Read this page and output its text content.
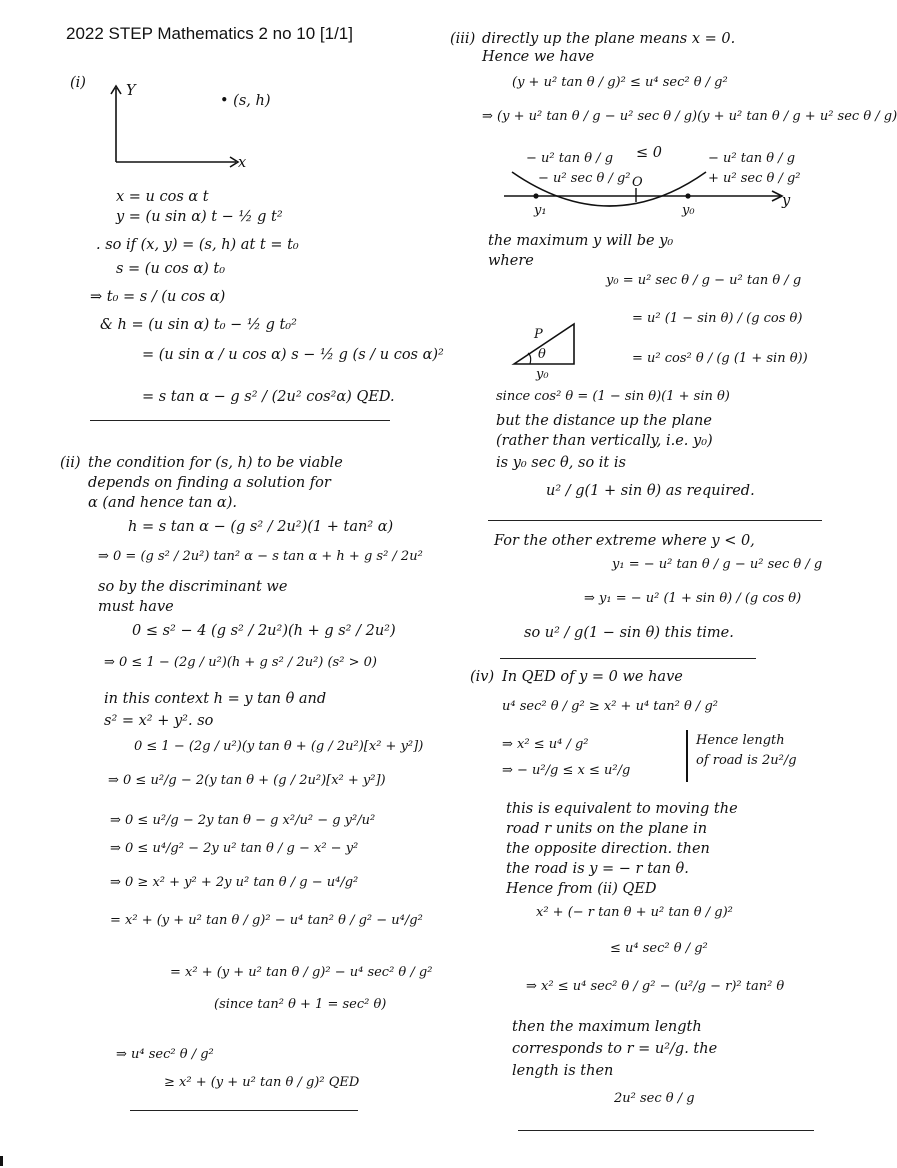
2022 STEP Mathematics 2 no 10 [1/1]
(i)	Y
x
• (s, h)
x = u cos α t
y = (u sin α) t − ½ g t²
. so if (x, y) = (s, h) at t = t₀
s = (u cos α) t₀
⇒ t₀ = s / (u cos α)
& h = (u sin α) t₀ − ½ g t₀²
= (u sin α / u cos α) s − ½ g (s / u cos α)²
= s tan α − g s² / (2u² cos²α) QED.
(ii) the condition for (s, h) to be viable
depends on finding a solution for
α (and hence tan α).
h = s tan α − (g s² / 2u²)(1 + tan² α)
⇒ 0 = (g s² / 2u²) tan² α − s tan α + h + g s² / 2u²
so by the discriminant we
must have
0 ≤ s² − 4 (g s² / 2u²)(h + g s² / 2u²)
⇒ 0 ≤ 1 − (2g / u²)(h + g s² / 2u²) (s² > 0)
in this context h = y tan θ and
s² = x² + y². so
0 ≤ 1 − (2g / u²)(y tan θ + (g / 2u²)[x² + y²])
⇒ 0 ≤ u²/g − 2(y tan θ + (g / 2u²)[x² + y²])
⇒ 0 ≤ u²/g − 2y tan θ − g x²/u² − g y²/u²
⇒ 0 ≤ u⁴/g² − 2y u² tan θ / g − x² − y²
⇒ 0 ≥ x² + y² + 2y u² tan θ / g − u⁴/g²
= x² + (y + u² tan θ / g)² − u⁴ tan² θ / g² − u⁴/g²
= x² + (y + u² tan θ / g)² − u⁴ sec² θ / g²
(since tan² θ + 1 = sec² θ)
⇒ u⁴ sec² θ / g²
≥ x² + (y + u² tan θ / g)² QED
(iii) directly up the plane means x = 0.
Hence we have
(y + u² tan θ / g)² ≤ u⁴ sec² θ / g²
⇒ (y + u² tan θ / g − u² sec θ / g)(y + u² tan θ / g + u² sec θ / g)
≤ 0
− u² tan θ / g
− u² sec θ / g² O
− u² tan θ / g
+ u² sec θ / g²
y₁	y₀
y
the maximum y will be y₀
where
y₀ = u² sec θ / g − u² tan θ / g
= u² (1 − sin θ) / (g cos θ)
= u² cos² θ / (g (1 + sin θ))
P
θ
y₀
since cos² θ = (1 − sin θ)(1 + sin θ)
but the distance up the plane
(rather than vertically, i.e. y₀)
is y₀ sec θ, so it is
u² / g(1 + sin θ) as required.
For the other extreme where y < 0,
y₁ = − u² tan θ / g − u² sec θ / g
⇒ y₁ = − u² (1 + sin θ) / (g cos θ)
so u² / g(1 − sin θ) this time.
(iv) In QED of y = 0 we have
u⁴ sec² θ / g² ≥ x² + u⁴ tan² θ / g²
⇒ x² ≤ u⁴ / g²
⇒ − u²/g ≤ x ≤ u²/g
Hence length
of road is 2u²/g
this is equivalent to moving the
road r units on the plane in
the opposite direction. then
the road is y = − r tan θ.
Hence from (ii) QED
x² + (− r tan θ + u² tan θ / g)²
≤ u⁴ sec² θ / g²
⇒ x² ≤ u⁴ sec² θ / g² − (u²/g − r)² tan² θ
then the maximum length
corresponds to r = u²/g. the
length is then
2u² sec θ / g
